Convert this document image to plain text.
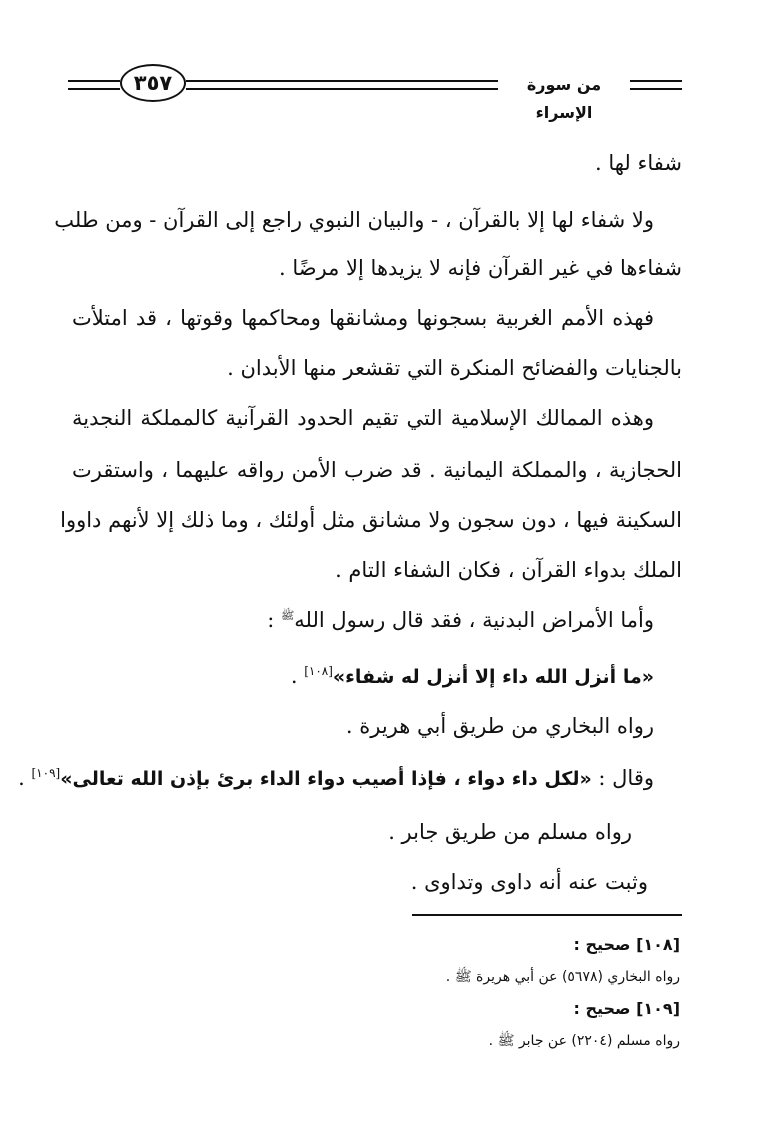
٣٥٧	من سورة الإسراء
شفاء لها .
ولا شفاء لها إلا بالقرآن ، - والبيان النبوي راجع إلى القرآن - ومن طلب
شفاءها في غير القرآن فإنه لا يزيدها إلا مرضًا .
فهذه الأمم الغربية بسجونها ومشانقها ومحاكمها وقوتها ، قد امتلأت
بالجنايات والفضائح المنكرة التي تقشعر منها الأبدان .
وهذه الممالك الإسلامية التي تقيم الحدود القرآنية كالمملكة النجدية
الحجازية ، والمملكة اليمانية . قد ضرب الأمن رواقه عليهما ، واستقرت
السكينة فيها ، دون سجون ولا مشانق مثل أولئك ، وما ذلك إلا لأنهم داووا
الملك بدواء القرآن ، فكان الشفاء التام .
وأما الأمراض البدنية ، فقد قال رسول الله$^ﷺ$ :
«ما أنزل الله داء إلا أنزل له شفاء»[١٠٨] .
رواه البخاري من طريق أبي هريرة .
وقال : «لكل داء دواء ، فإذا أصيب دواء الداء برئ بإذن الله تعالى»[١٠٩] .
رواه مسلم من طريق جابر .
وثبت عنه أنه داوى وتداوى .
[١٠٨] صحيح :
رواه البخاري (٥٦٧٨) عن أبي هريرة ﷺ .
[١٠٩] صحيح :
رواه مسلم (٢٢٠٤) عن جابر ﷺ .
